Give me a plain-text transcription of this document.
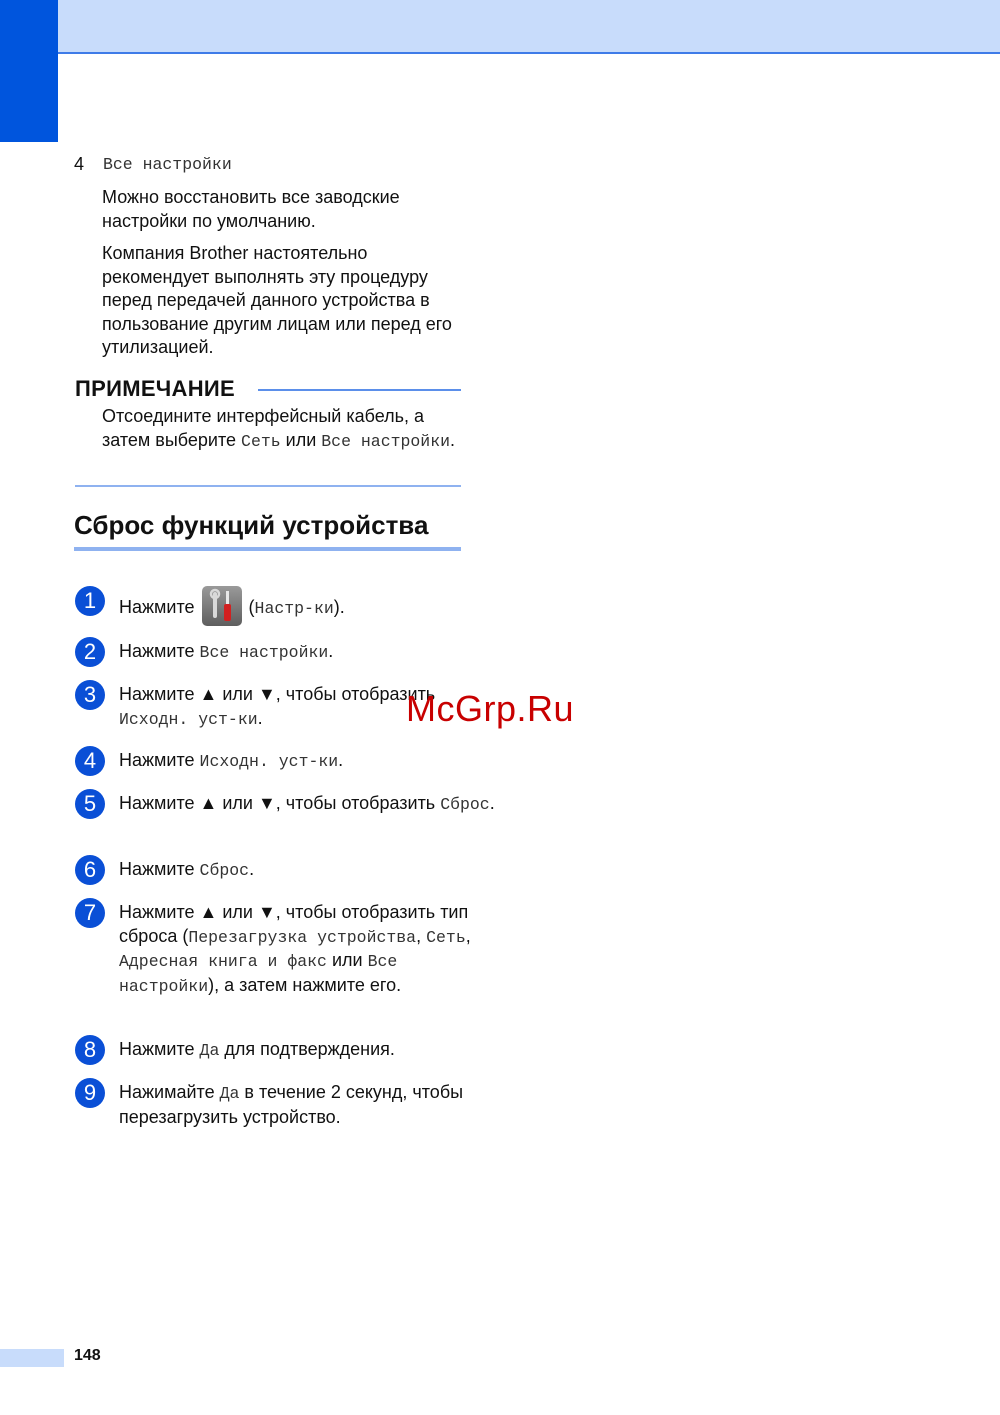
4 Все настройки
Можно восстановить все заводские настройки по умолчанию.
Компания Brother настоятельно рекомендует выполнять эту процедуру перед передачей данного устройства в пользование другим лицам или перед его утилизацией.
ПРИМЕЧАНИЕ
Отсоедините интерфейсный кабель, а затем выберите Сеть или Все настройки.
Сброс функций устройства
1	Нажмите  (Настр-ки).
2	Нажмите Все настройки.
3	Нажмите ▲ или ▼, чтобы отобразить Исходн. уст-ки.
4	Нажмите Исходн. уст-ки.
5	Нажмите ▲ или ▼, чтобы отобразить Сброс.
6	Нажмите Сброс.
7	Нажмите ▲ или ▼, чтобы отобразить тип сброса (Перезагрузка устройства, Сеть, Адресная книга и факс или Все настройки), а затем нажмите его.
8	Нажмите Да для подтверждения.
9	Нажимайте Да в течение 2 секунд, чтобы перезагрузить устройство.
McGrp.Ru
148
